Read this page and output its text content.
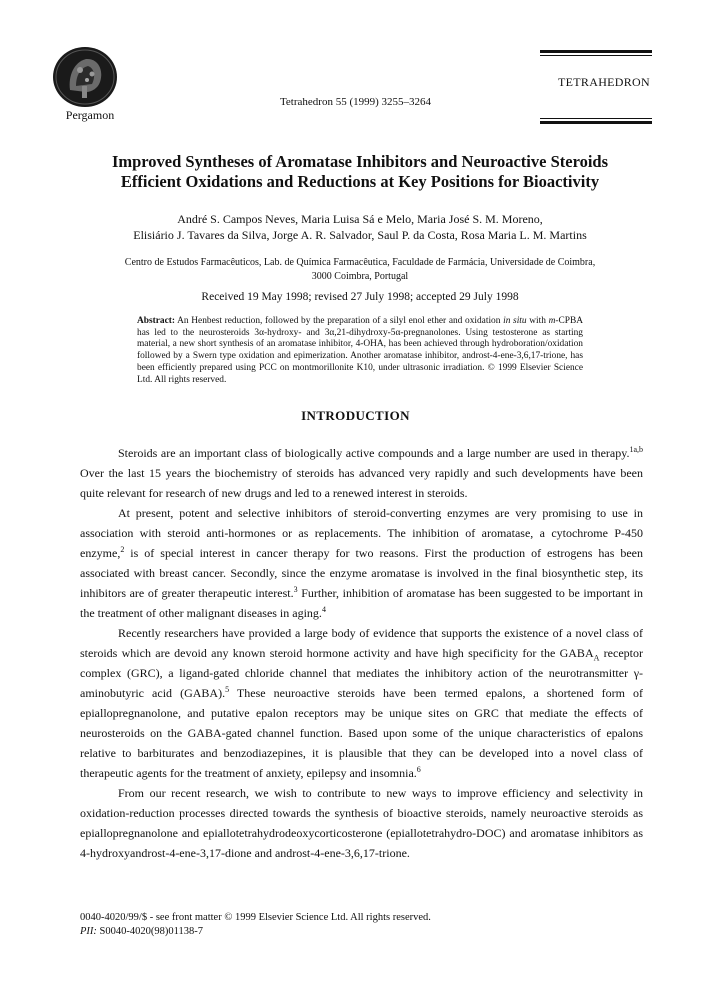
Pergamon
Tetrahedron 55 (1999) 3255–3264
TETRAHEDRON
Improved Syntheses of Aromatase Inhibitors and Neuroactive Steroids
Efficient Oxidations and Reductions at Key Positions for Bioactivity
André S. Campos Neves, Maria Luisa Sá e Melo, Maria José S. M. Moreno,
Elisiário J. Tavares da Silva, Jorge A. R. Salvador, Saul P. da Costa, Rosa Maria L. M. Martins
Centro de Estudos Farmacêuticos, Lab. de Química Farmacêutica, Faculdade de Farmácia, Universidade de Coimbra,
3000 Coimbra, Portugal
Received 19 May 1998; revised 27 July 1998; accepted 29 July 1998
Abstract: An Henbest reduction, followed by the preparation of a silyl enol ether and oxidation in situ with m-CPBA has led to the neurosteroids 3α-hydroxy- and 3α,21-dihydroxy-5α-pregnanolones. Using testosterone as starting material, a new short synthesis of an aromatase inhibitor, 4-OHA, has been achieved through hydroboration/oxidation followed by a Swern type oxidation and epimerization. Another aromatase inhibitor, androst-4-ene-3,6,17-trione, has been efficiently prepared using PCC on montmorillonite K10, under ultrasonic irradiation. © 1999 Elsevier Science Ltd. All rights reserved.
INTRODUCTION

Steroids are an important class of biologically active compounds and a large number are used in therapy.$^{1a,b}$ Over the last 15 years the biochemistry of steroids has advanced very rapidly and such developments have been quite relevant for research of new drugs and led to a renewed interest in steroids.

At present, potent and selective inhibitors of steroid-converting enzymes are very promising to use in association with steroid anti-hormones or as replacements. The inhibition of aromatase, a cytochrome P-450 enzyme,$^2$ is of special interest in cancer therapy for two reasons. First the production of estrogens has been associated with breast cancer. Secondly, since the enzyme aromatase is involved in the final biosynthetic step, its inhibitors are of greater therapeutic interest.$^3$ Further, inhibition of aromatase has been suggested to be important in the treatment of other malignant diseases in aging.$^4$

Recently researchers have provided a large body of evidence that supports the existence of a novel class of steroids which are devoid any known steroid hormone activity and have high specificity for the $GABA_A$ receptor complex (GRC), a ligand-gated chloride channel that mediates the inhibitory action of the neurotransmitter γ-aminobutyric acid (GABA).$^5$ These neuroactive steroids have been termed epalons, a shortened form of epiallopregnanolone, and putative epalon receptors may be unique sites on GRC that mediate the effects of neurosteroids on the GABA-gated channel function. Based upon some of the unique characteristics of epalons relative to barbiturates and benzodiazepines, it is plausible that they can be developed into a novel class of therapeutic agents for the treatment of anxiety, epilepsy and insomnia.$^6$

From our recent research, we wish to contribute to new ways to improve efficiency and selectivity in oxidation-reduction processes directed towards the synthesis of bioactive steroids, namely neuroactive steroids as epiallopregnanolone and epiallotetrahydrodeoxycorticosterone (epiallotetrahydro-DOC) and aromatase inhibitors as 4-hydroxyandrost-4-ene-3,17-dione and androst-4-ene-3,6,17-trione.

0040-4020/99/$ - see front matter © 1999 Elsevier Science Ltd. All rights reserved.
PII: S0040-4020(98)01138-7
